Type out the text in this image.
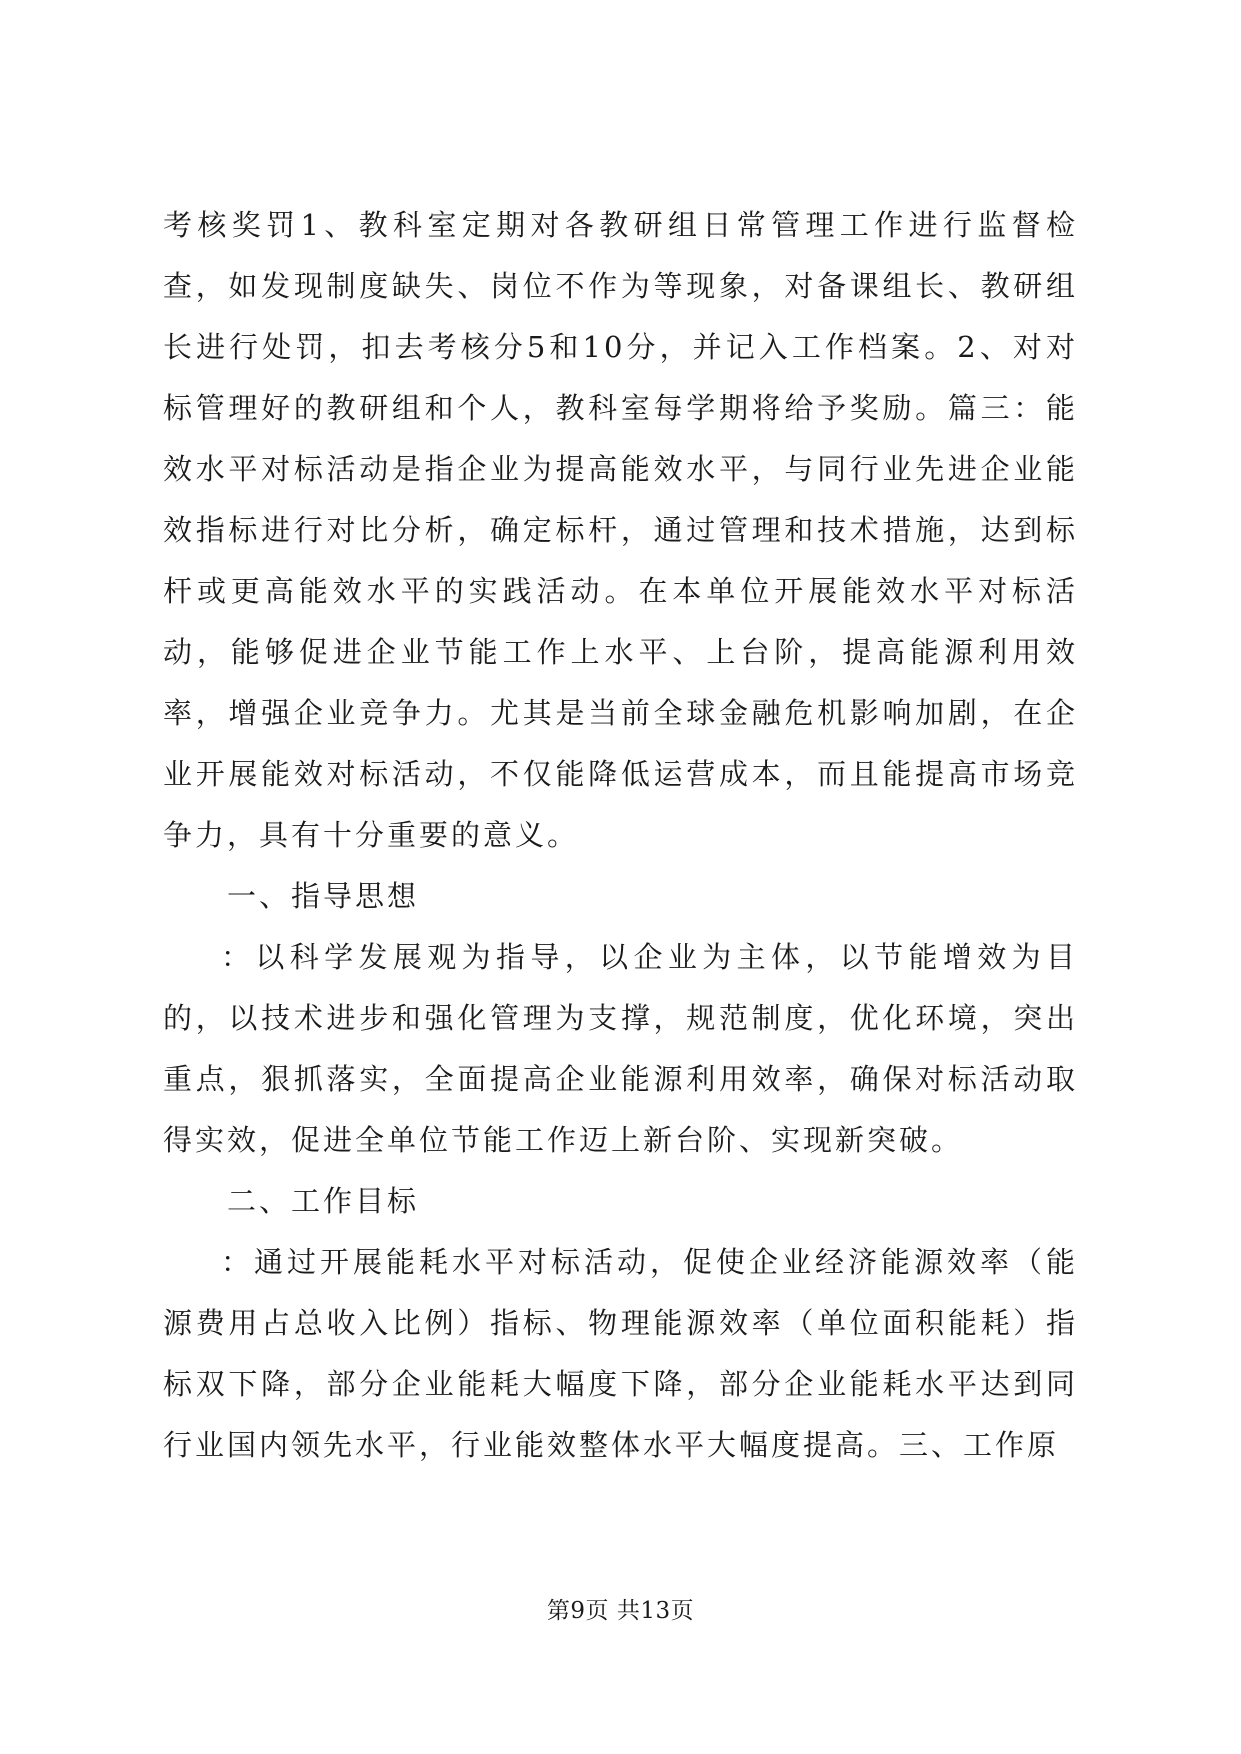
考核奖罚1、教科室定期对各教研组日常管理工作进行监督检查，如发现制度缺失、岗位不作为等现象，对备课组长、教研组长进行处罚，扣去考核分5和10分，并记入工作档案。2、对对标管理好的教研组和个人，教科室每学期将给予奖励。篇三：能效水平对标活动是指企业为提高能效水平，与同行业先进企业能效指标进行对比分析，确定标杆，通过管理和技术措施，达到标杆或更高能效水平的实践活动。在本单位开展能效水平对标活动，能够促进企业节能工作上水平、上台阶，提高能源利用效率，增强企业竞争力。尤其是当前全球金融危机影响加剧，在企业开展能效对标活动，不仅能降低运营成本，而且能提高市场竞争力，具有十分重要的意义。

一、指导思想

：以科学发展观为指导，以企业为主体，以节能增效为目的，以技术进步和强化管理为支撑，规范制度，优化环境，突出重点，狠抓落实，全面提高企业能源利用效率，确保对标活动取得实效，促进全单位节能工作迈上新台阶、实现新突破。

二、工作目标

：通过开展能耗水平对标活动，促使企业经济能源效率（能源费用占总收入比例）指标、物理能源效率（单位面积能耗）指标双下降，部分企业能耗大幅度下降，部分企业能耗水平达到同行业国内领先水平，行业能效整体水平大幅度提高。三、工作原

第9页 共13页
